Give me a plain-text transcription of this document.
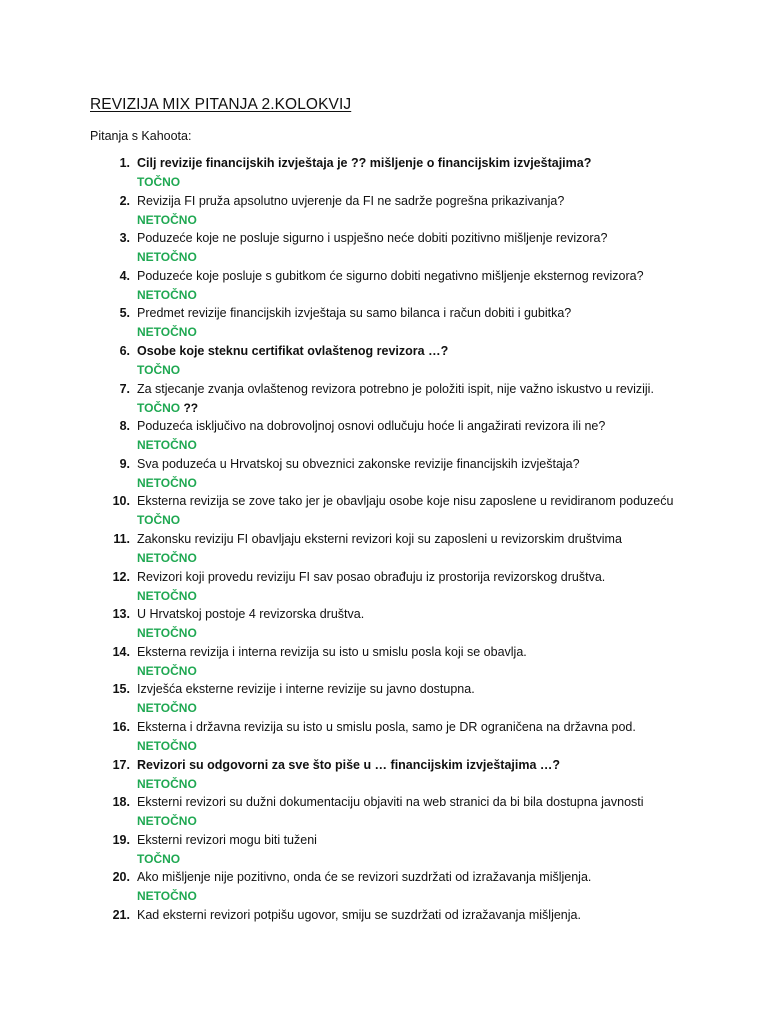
REVIZIJA MIX PITANJA 2.KOLOKVIJ
Pitanja s Kahoota:
1. Cilj revizije financijskih izvještaja je ?? mišljenje o financijskim izvještajima?
TOČNO
2. Revizija FI pruža apsolutno uvjerenje da FI ne sadrže pogrešna prikazivanja?
NETOČNO
3. Poduzeće koje ne posluje sigurno i uspješno neće dobiti pozitivno mišljenje revizora?
NETOČNO
4. Poduzeće koje posluje s gubitkom će sigurno dobiti negativno mišljenje eksternog revizora?
NETOČNO
5. Predmet revizije financijskih izvještaja su samo bilanca i račun dobiti i gubitka?
NETOČNO
6. Osobe koje steknu certifikat ovlaštenog revizora …?
TOČNO
7. Za stjecanje zvanja ovlaštenog revizora potrebno je položiti ispit, nije važno iskustvo u reviziji.
TOČNO ??
8. Poduzeća isključivo na dobrovoljnoj osnovi odlučuju hoće li angažirati revizora ili ne?
NETOČNO
9. Sva poduzeća u Hrvatskoj su obveznici zakonske revizije financijskih izvještaja?
NETOČNO
10. Eksterna revizija se zove tako jer je obavljaju osobe koje nisu zaposlene u revidiranom poduzeću
TOČNO
11. Zakonsku reviziju FI obavljaju eksterni revizori koji su zaposleni u revizorskim društvima
NETOČNO
12. Revizori koji provedu reviziju FI sav posao obrađuju iz prostorija revizorskog društva.
NETOČNO
13. U Hrvatskoj postoje 4 revizorska društva.
NETOČNO
14. Eksterna revizija i interna revizija su isto u smislu posla koji se obavlja.
NETOČNO
15. Izvješća eksterne revizije i interne revizije su javno dostupna.
NETOČNO
16. Eksterna i državna revizija su isto u smislu posla, samo je DR ograničena na državna pod.
NETOČNO
17. Revizori su odgovorni za sve što piše u … financijskim izvještajima …?
NETOČNO
18. Eksterni revizori su dužni dokumentaciju objaviti na web stranici da bi bila dostupna javnosti
NETOČNO
19. Eksterni revizori mogu biti tuženi
TOČNO
20. Ako mišljenje nije pozitivno, onda će se revizori suzdržati od izražavanja mišljenja.
NETOČNO
21. Kad eksterni revizori potpišu ugovor, smiju se suzdržati od izražavanja mišljenja.
